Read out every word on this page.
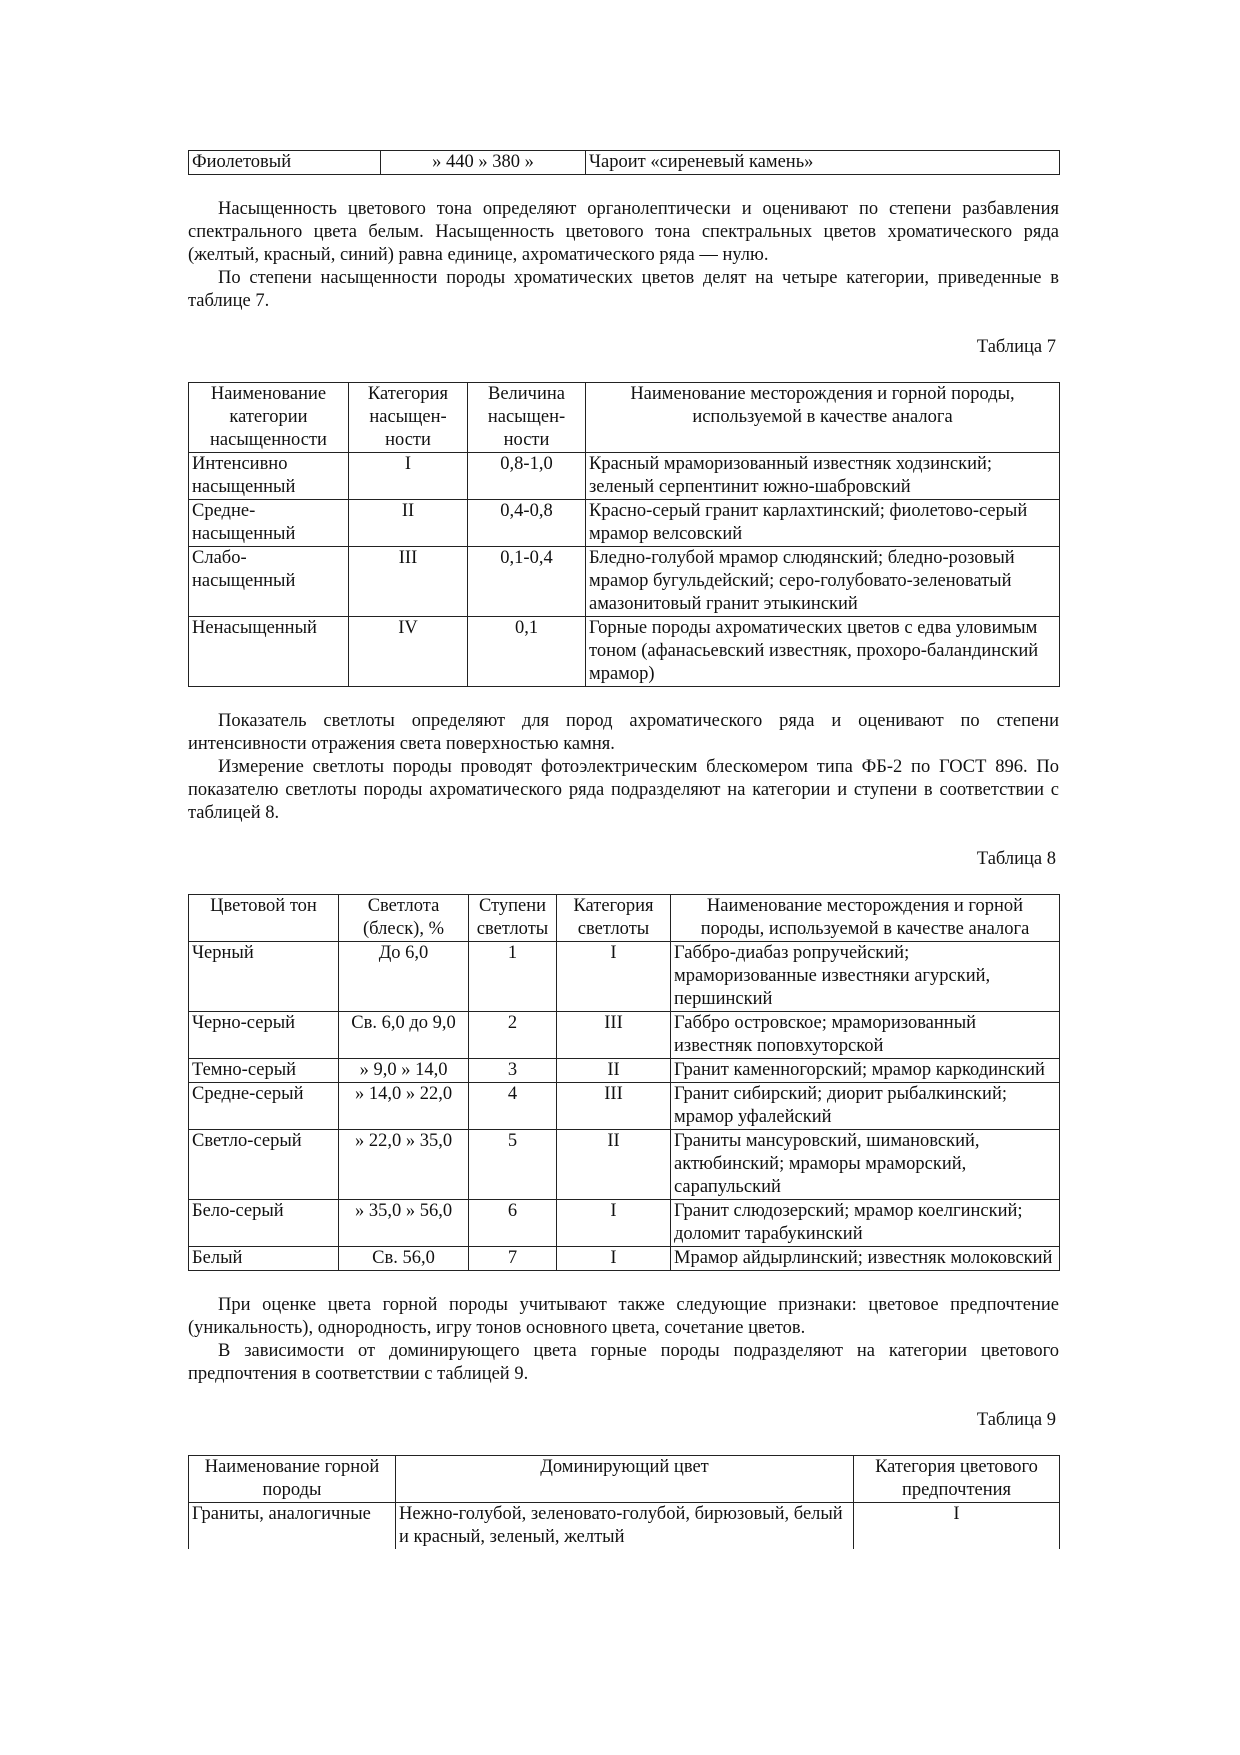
Фиолетовый	» 440 » 380 »	Чароит «сиреневый камень»

Насыщенность цветового тона определяют органолептически и оценивают по степени разбавления спектрального цвета белым. Насыщенность цветового тона спектральных цветов хроматического ряда (желтый, красный, синий) равна единице, ахроматического ряда — нулю.

По степени насыщенности породы хроматических цветов делят на четыре категории, приведенные в таблице 7.

Таблица 7
Наименование категории насыщенности	Категория насыщен-ности	Величина насыщен-ности	Наименование месторождения и горной породы, используемой в качестве аналога
Интенсивно насыщенный	I	0,8-1,0	Красный мраморизованный известняк ходзинский; зеленый серпентинит южно-шабровский
Средне-насыщенный	II	0,4-0,8	Красно-серый гранит карлахтинский; фиолетово-серый мрамор велсовский
Слабо-насыщенный	III	0,1-0,4	Бледно-голубой мрамор слюдянский; бледно-розовый мрамор бугульдейский; серо-голубовато-зеленоватый амазонитовый гранит этыкинский
Ненасыщенный	IV	0,1	Горные породы ахроматических цветов с едва уловимым тоном (афанасьевский известняк, прохоро-баландинский мрамор)

Показатель светлоты определяют для пород ахроматического ряда и оценивают по степени интенсивности отражения света поверхностью камня.

Измерение светлоты породы проводят фотоэлектрическим блескомером типа ФБ-2 по ГОСТ 896. По показателю светлоты породы ахроматического ряда подразделяют на категории и ступени в соответствии с таблицей 8.

Таблица 8
Цветовой тон	Светлота (блеск), %	Ступени светлоты	Категория светлоты	Наименование месторождения и горной породы, используемой в качестве аналога
Черный	До 6,0	1	I	Габбро-диабаз ропручейский; мраморизованные известняки агурский, першинский
Черно-серый	Св. 6,0 до 9,0	2	III	Габбро островское; мраморизованный известняк поповхуторской
Темно-серый	» 9,0 » 14,0	3	II	Гранит каменногорский; мрамор каркодинский
Средне-серый	» 14,0 » 22,0	4	III	Гранит сибирский; диорит рыбалкинский; мрамор уфалейский
Светло-серый	» 22,0 » 35,0	5	II	Граниты мансуровский, шимановский, актюбинский; мраморы мраморский, сарапульский
Бело-серый	» 35,0 » 56,0	6	I	Гранит слюдозерский; мрамор коелгинский; доломит тарабукинский
Белый	Св. 56,0	7	I	Мрамор айдырлинский; известняк молоковский

При оценке цвета горной породы учитывают также следующие признаки: цветовое предпочтение (уникальность), однородность, игру тонов основного цвета, сочетание цветов.

В зависимости от доминирующего цвета горные породы подразделяют на категории цветового предпочтения в соответствии с таблицей 9.

Таблица 9
Наименование горной породы	Доминирующий цвет	Категория цветового предпочтения
Граниты, аналогичные	Нежно-голубой, зеленовато-голубой, бирюзовый, белый и красный, зеленый, желтый	I
